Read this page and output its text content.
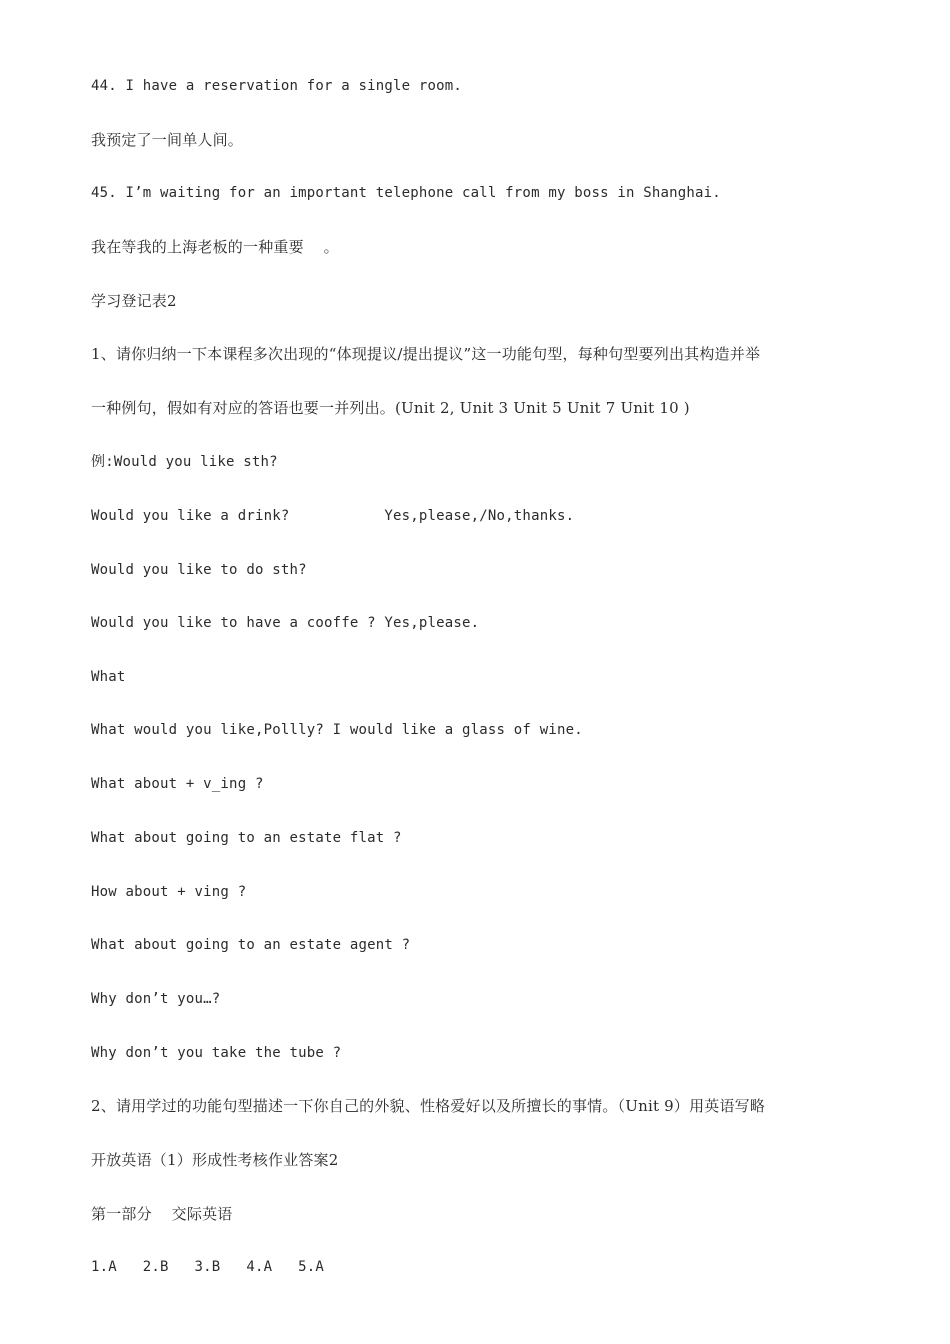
44. I have a reservation for a single room.
我预定了一间单人间。
45. I’m waiting for an important telephone call from my boss in Shanghai.
我在等我的上海老板的一种重要    。
学习登记表2
1、请你归纳一下本课程多次出现的“体现提议/提出提议”这一功能句型，每种句型要列出其构造并举
一种例句，假如有对应的答语也要一并列出。(Unit 2, Unit 3 Unit 5 Unit 7 Unit 10 )
例:Would you like sth?
Would you like a drink?           Yes,please,/No,thanks.
Would you like to do sth?
Would you like to have a cooffe ? Yes,please.
What
What would you like,Pollly? I would like a glass of wine.
What about + v_ing ?
What about going to an estate flat ?
How about + ving ?
What about going to an estate agent ?
Why don’t you…?
Why don’t you take the tube ?
2、请用学过的功能句型描述一下你自己的外貌、性格爱好以及所擅长的事情。（Unit 9）用英语写略
开放英语（1）形成性考核作业答案2
第一部分    交际英语
1.A   2.B   3.B   4.A   5.A
